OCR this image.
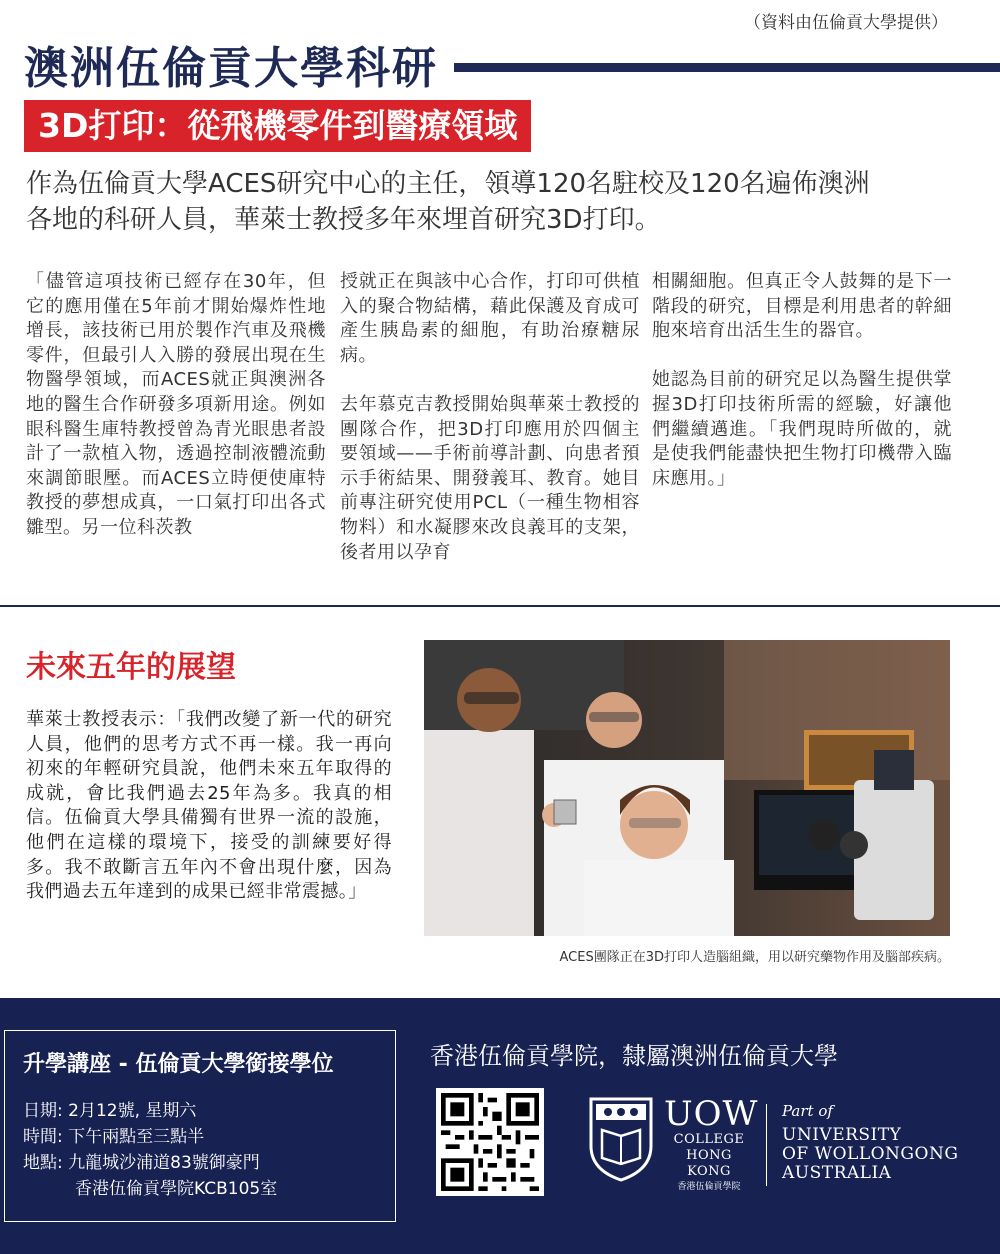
（資料由伍倫貢大學提供）
澳洲伍倫貢大學科研
3D打印：從飛機零件到醫療領域
作為伍倫貢大學ACES研究中心的主任，領導120名駐校及120名遍佈澳洲
各地的科研人員，華萊士教授多年來埋首研究3D打印。

「儘管這項技術已經存在30年，但它的應用僅在5年前才開始爆炸性地增長，該技術已用於製作汽車及飛機零件，但最引人入勝的發展出現在生物醫學領域，而ACES就正與澳洲各地的醫生合作研發多項新用途。例如眼科醫生庫特教授曾為青光眼患者設計了一款植入物，透過控制液體流動來調節眼壓。而ACES立時便使庫特教授的夢想成真，一口氣打印出各式雛型。另一位科茨教

授就正在與該中心合作，打印可供植入的聚合物結構，藉此保護及育成可產生胰島素的細胞，有助治療糖尿病。

去年慕克吉教授開始與華萊士教授的團隊合作，把3D打印應用於四個主要領域——手術前導計劃、向患者預示手術結果、開發義耳、教育。她目前專注研究使用PCL（一種生物相容物料）和水凝膠來改良義耳的支架，後者用以孕育

相關細胞。但真正令人鼓舞的是下一階段的研究，目標是利用患者的幹細胞來培育出活生生的器官。

她認為目前的研究足以為醫生提供掌握3D打印技術所需的經驗，好讓他們繼續邁進。「我們現時所做的，就是使我們能盡快把生物打印機帶入臨床應用。」

未來五年的展望
華萊士教授表示：「我們改變了新一代的研究人員，他們的思考方式不再一樣。我一再向初來的年輕研究員說，他們未來五年取得的成就，會比我們過去25年為多。我真的相信。伍倫貢大學具備獨有世界一流的設施，他們在這樣的環境下，接受的訓練要好得多。我不敢斷言五年內不會出現什麼，因為我們過去五年達到的成果已經非常震撼。」
ACES團隊正在3D打印人造腦組織，用以研究藥物作用及腦部疾病。
升學講座 - 伍倫貢大學銜接學位
日期: 2月12號, 星期六
時間: 下午兩點至三點半
地點: 九龍城沙浦道83號御豪門
香港伍倫貢學院KCB105室
香港伍倫貢學院，隸屬澳洲伍倫貢大學
UOW
COLLEGE
HONG KONG
香港伍倫貢學院
Part of
UNIVERSITY
OF WOLLONGONG
AUSTRALIA
